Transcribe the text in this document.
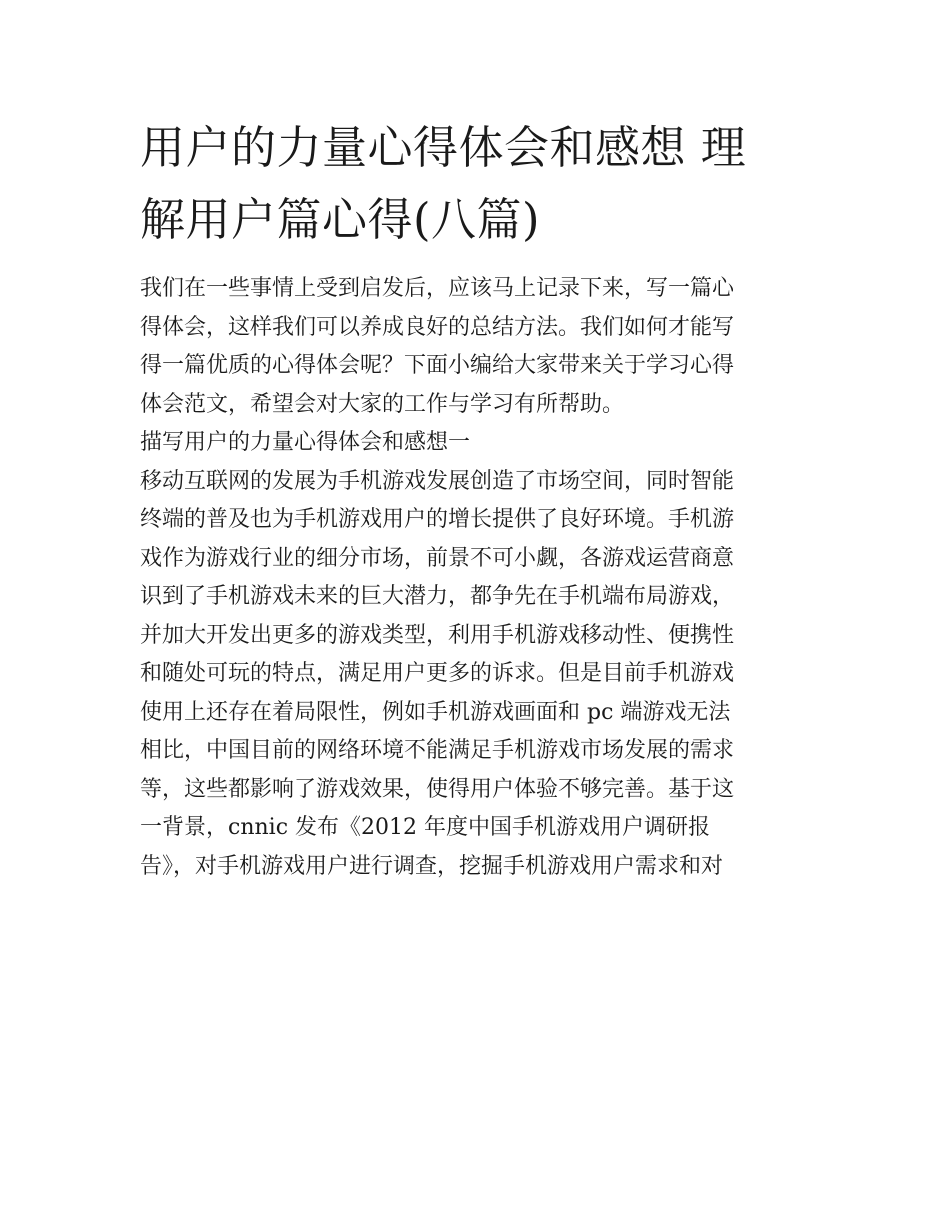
用户的力量心得体会和感想 理
解用户篇心得(八篇)

我们在一些事情上受到启发后，应该马上记录下来，写一篇心

得体会，这样我们可以养成良好的总结方法。我们如何才能写

得一篇优质的心得体会呢？下面小编给大家带来关于学习心得

体会范文，希望会对大家的工作与学习有所帮助。

描写用户的力量心得体会和感想一

移动互联网的发展为手机游戏发展创造了市场空间，同时智能

终端的普及也为手机游戏用户的增长提供了良好环境。手机游

戏作为游戏行业的细分市场，前景不可小觑，各游戏运营商意

识到了手机游戏未来的巨大潜力，都争先在手机端布局游戏，

并加大开发出更多的游戏类型，利用手机游戏移动性、便携性

和随处可玩的特点，满足用户更多的诉求。但是目前手机游戏

使用上还存在着局限性，例如手机游戏画面和 pc 端游戏无法

相比，中国目前的网络环境不能满足手机游戏市场发展的需求

等，这些都影响了游戏效果，使得用户体验不够完善。基于这

一背景，cnnic 发布《2012 年度中国手机游戏用户调研报

告》，对手机游戏用户进行调查，挖掘手机游戏用户需求和对
